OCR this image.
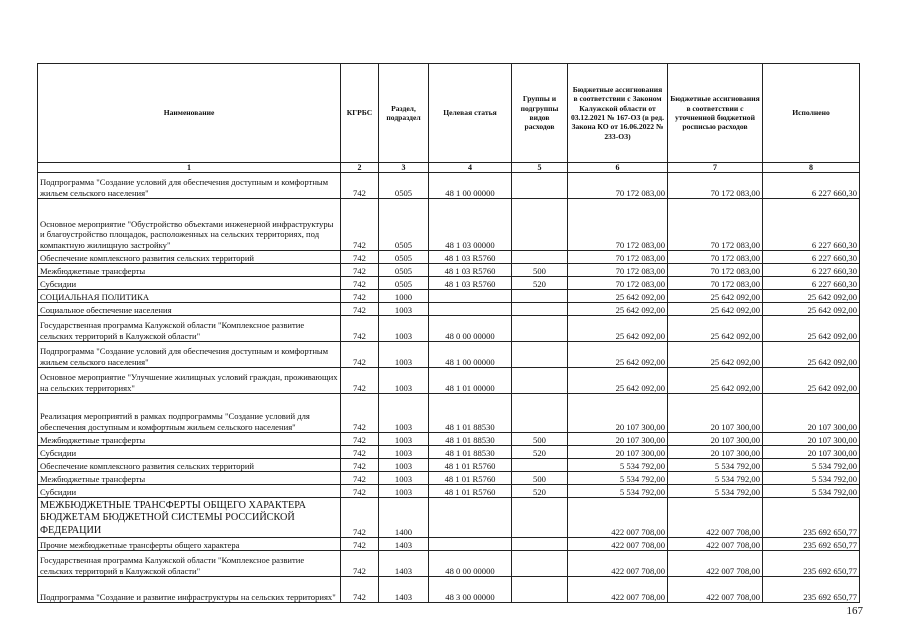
Наименование	КГРБС	Раздел, подраздел	Целевая статья	Группы и подгруппы видов расходов	Бюджетные ассигнования в соответствии с Законом Калужской области от 03.12.2021 № 167-ОЗ (в ред. Закона КО от 16.06.2022 № 233-ОЗ)	Бюджетные ассигнования в соответствии с уточненной бюджетной росписью расходов	Исполнено
1	2	3	4	5	6	7	8
Подпрограмма "Создание условий для обеспечения доступным и комфортным жильем сельского населения"	742	0505	48 1 00 00000		70 172 083,00	70 172 083,00	6 227 660,30
Основное мероприятие "Обустройство объектами инженерной инфраструктуры и благоустройство площадок, расположенных на сельских территориях, под компактную жилищную застройку"	742	0505	48 1 03 00000		70 172 083,00	70 172 083,00	6 227 660,30
Обеспечение комплексного развития сельских территорий	742	0505	48 1 03 R5760		70 172 083,00	70 172 083,00	6 227 660,30
Межбюджетные трансферты	742	0505	48 1 03 R5760	500	70 172 083,00	70 172 083,00	6 227 660,30
Субсидии	742	0505	48 1 03 R5760	520	70 172 083,00	70 172 083,00	6 227 660,30
СОЦИАЛЬНАЯ ПОЛИТИКА	742	1000			25 642 092,00	25 642 092,00	25 642 092,00
Социальное обеспечение населения	742	1003			25 642 092,00	25 642 092,00	25 642 092,00
Государственная программа Калужской области "Комплексное развитие сельских территорий в Калужской области"	742	1003	48 0 00 00000		25 642 092,00	25 642 092,00	25 642 092,00
Подпрограмма "Создание условий для обеспечения доступным и комфортным жильем сельского населения"	742	1003	48 1 00 00000		25 642 092,00	25 642 092,00	25 642 092,00
Основное мероприятие "Улучшение жилищных условий граждан, проживающих на сельских территориях"	742	1003	48 1 01 00000		25 642 092,00	25 642 092,00	25 642 092,00
Реализация мероприятий в рамках подпрограммы "Создание условий для обеспечения доступным и комфортным жильем сельского населения"	742	1003	48 1 01 88530		20 107 300,00	20 107 300,00	20 107 300,00
Межбюджетные трансферты	742	1003	48 1 01 88530	500	20 107 300,00	20 107 300,00	20 107 300,00
Субсидии	742	1003	48 1 01 88530	520	20 107 300,00	20 107 300,00	20 107 300,00
Обеспечение комплексного развития сельских территорий	742	1003	48 1 01 R5760		5 534 792,00	5 534 792,00	5 534 792,00
Межбюджетные трансферты	742	1003	48 1 01 R5760	500	5 534 792,00	5 534 792,00	5 534 792,00
Субсидии	742	1003	48 1 01 R5760	520	5 534 792,00	5 534 792,00	5 534 792,00
МЕЖБЮДЖЕТНЫЕ ТРАНСФЕРТЫ ОБЩЕГО ХАРАКТЕРА БЮДЖЕТАМ БЮДЖЕТНОЙ СИСТЕМЫ РОССИЙСКОЙ ФЕДЕРАЦИИ	742	1400			422 007 708,00	422 007 708,00	235 692 650,77
Прочие межбюджетные трансферты общего характера	742	1403			422 007 708,00	422 007 708,00	235 692 650,77
Государственная программа Калужской области "Комплексное развитие сельских территорий в Калужской области"	742	1403	48 0 00 00000		422 007 708,00	422 007 708,00	235 692 650,77
Подпрограмма "Создание и развитие инфраструктуры на сельских территориях"	742	1403	48 3 00 00000		422 007 708,00	422 007 708,00	235 692 650,77
167
